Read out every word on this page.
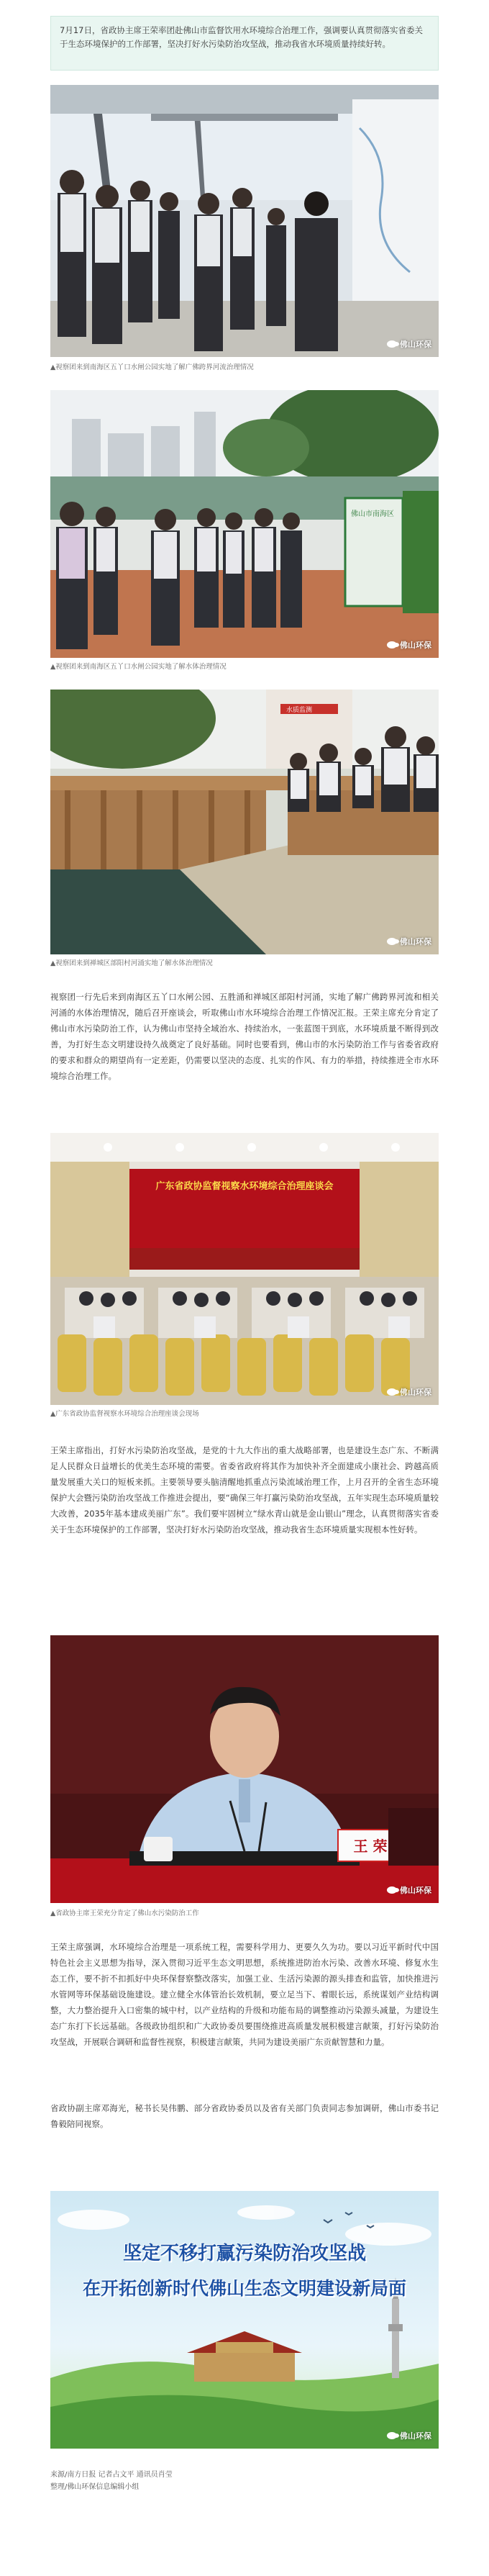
7月17日，省政协主席王荣率团赴佛山市监督饮用水环境综合治理工作，强调要认真贯彻落实省委关于生态环境保护的工作部署，坚决打好水污染防治攻坚战，推动我省水环境质量持续好转。
佛山环保
▲视察团来到南海区五丫口水闸公园实地了解广佛跨界河流治理情况
佛山市南海区
佛山环保
▲视察团来到南海区五丫口水闸公园实地了解水体治理情况
水质监测
佛山环保
▲视察团来到禅城区部阳村河涌实地了解水体治理情况
视察团一行先后来到南海区五丫口水闸公园、五胜涌和禅城区部阳村河涌，实地了解广佛跨界河流和相关河涌的水体治理情况，随后召开座谈会，听取佛山市水环境综合治理工作情况汇报。王荣主席充分肯定了佛山市水污染防治工作，认为佛山市坚持全域治水、持续治水，一张蓝图干到底，水环境质量不断得到改善，为打好生态文明建设持久战奠定了良好基础。同时也要看到，佛山市的水污染防治工作与省委省政府的要求和群众的期望尚有一定差距，仍需要以坚决的态度、扎实的作风、有力的举措，持续推进全市水环境综合治理工作。
广东省政协监督视察水环境综合治理座谈会
佛山环保
▲广东省政协监督视察水环境综合治理座谈会现场
王荣主席指出，打好水污染防治攻坚战，是党的十九大作出的重大战略部署，也是建设生态广东、不断满足人民群众日益增长的优美生态环境的需要。省委省政府将其作为加快补齐全面建成小康社会、跨越高质量发展重大关口的短板来抓。主要领导要头脑清醒地抓重点污染流域治理工作，上月召开的全省生态环境保护大会暨污染防治攻坚战工作推进会提出，要“确保三年打赢污染防治攻坚战，五年实现生态环境质量较大改善，2035年基本建成美丽广东”。我们要牢固树立“绿水青山就是金山银山”理念，认真贯彻落实省委关于生态环境保护的工作部署，坚决打好水污染防治攻坚战，推动我省生态环境质量实现根本性好转。
王 荣
佛山环保
▲省政协主席王荣充分肯定了佛山水污染防治工作
王荣主席强调，水环境综合治理是一项系统工程，需要科学用力、更要久久为功。要以习近平新时代中国特色社会主义思想为指导，深入贯彻习近平生态文明思想，系统推进防治水污染、改善水环境、修复水生态工作，要不折不扣抓好中央环保督察整改落实，加强工业、生活污染源的源头排查和监管，加快推进污水管网等环保基础设施建设。建立健全水体管治长效机制，要立足当下、着眼长远，系统谋划产业结构调整，大力整治提升入口密集的城中村，以产业结构的升级和功能布局的调整推动污染源头减量，为建设生态广东打下长远基础。各级政协组织和广大政协委员要围绕推进高质量发展积极建言献策，打好污染防治攻坚战，开展联合调研和监督性视察，积极建言献策，共同为建设美丽广东贡献智慧和力量。
省政协副主席邓海光，秘书长吴伟鹏、部分省政协委员以及省有关部门负责同志参加调研，佛山市委书记鲁毅陪同视察。
坚定不移打赢污染防治攻坚战
在开拓创新时代佛山生态文明建设新局面
佛山环保
来源/南方日报 记者占文平 通讯员肖莹
整理/佛山环保信息编辑小组
